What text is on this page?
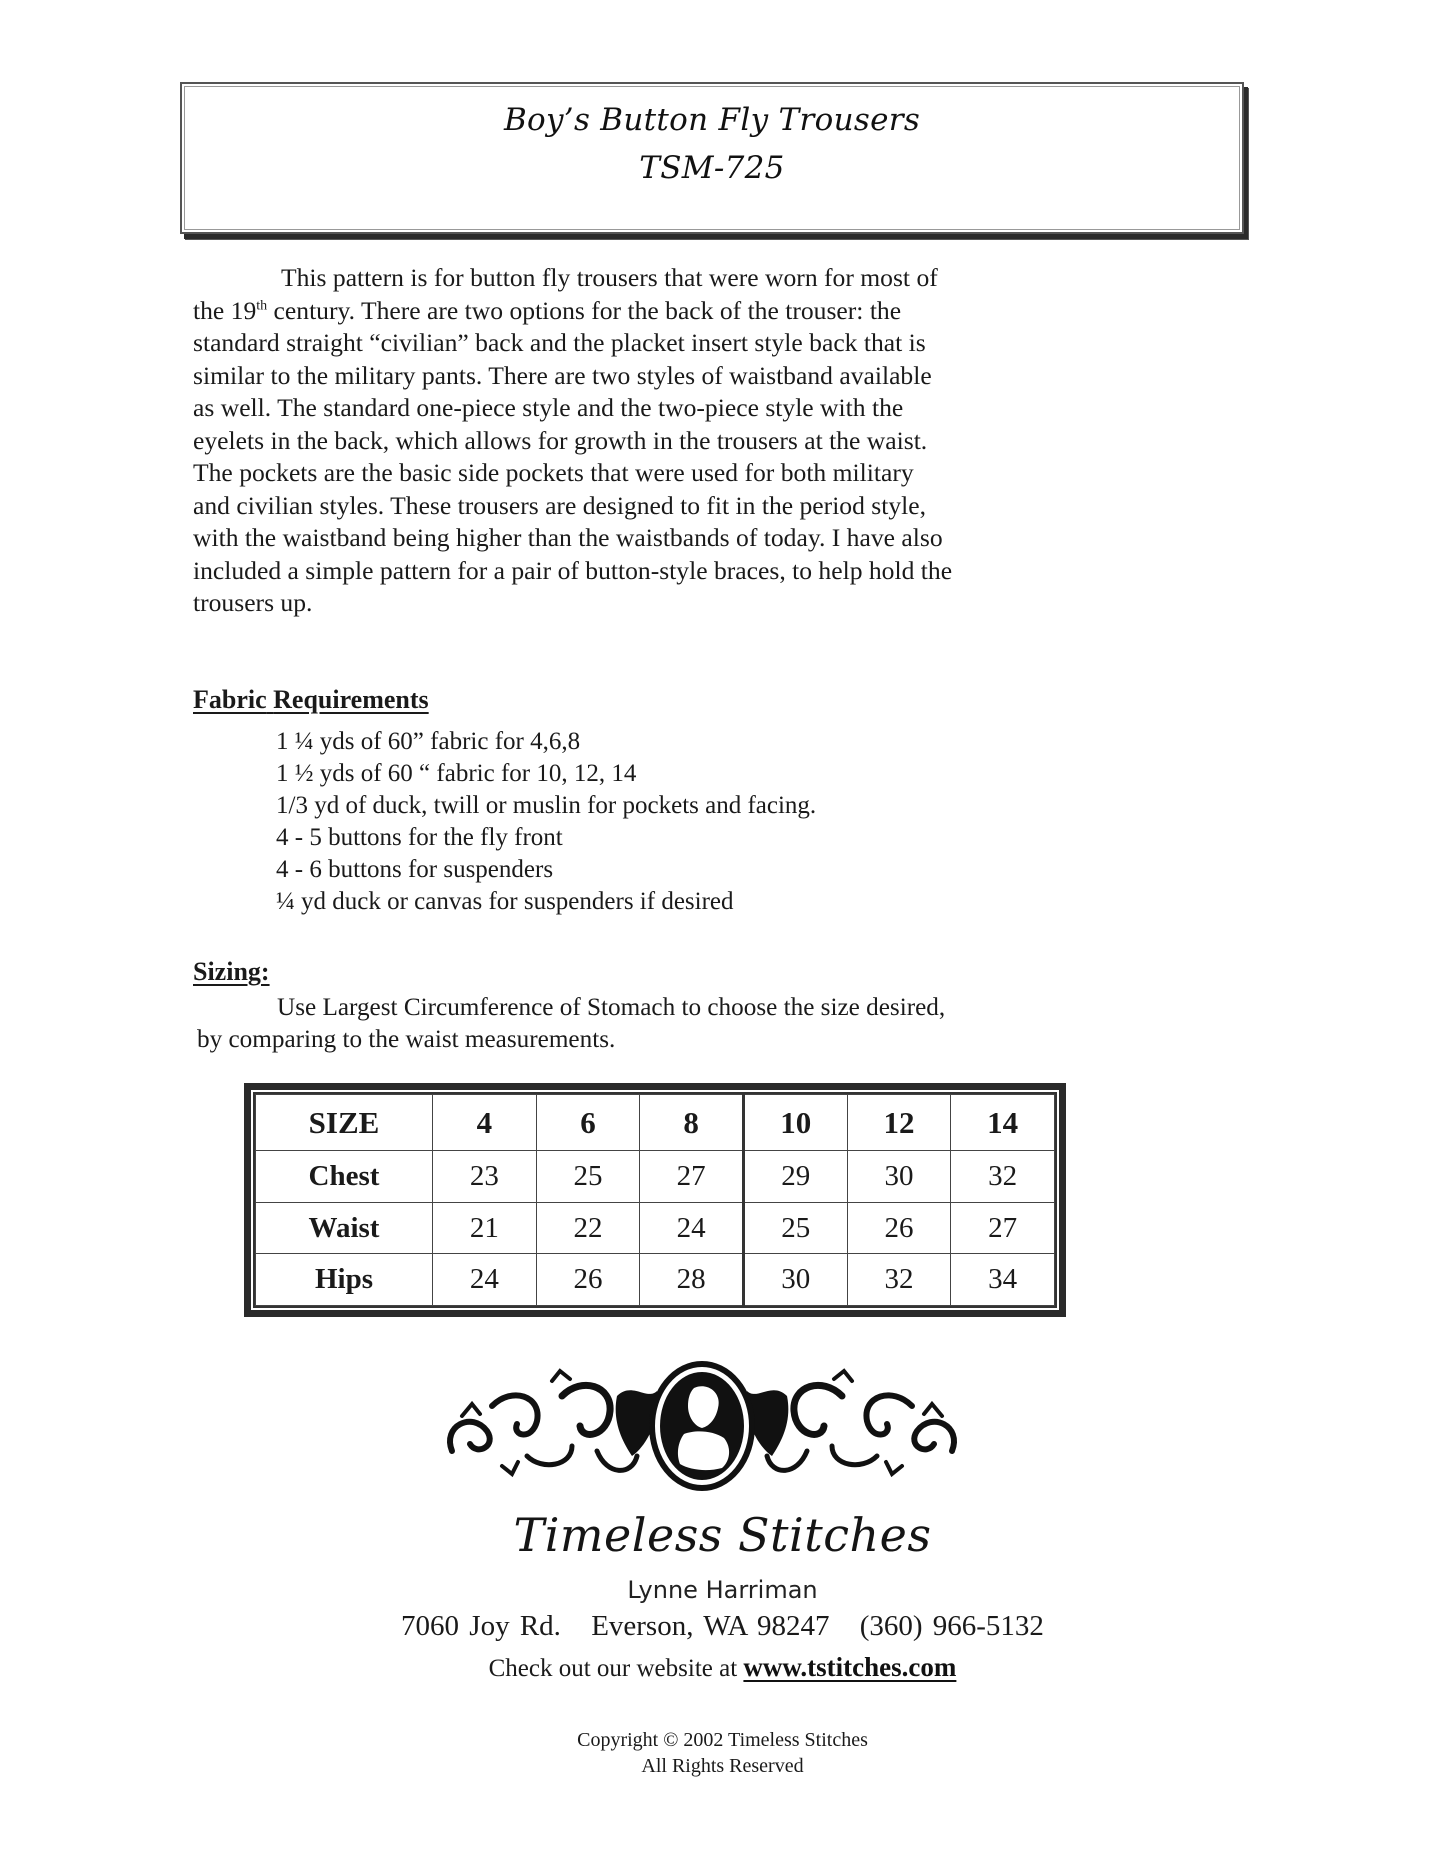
Boy’s Button Fly Trousers
TSM-725

This pattern is for button fly trousers that were worn for most of the 19th century. There are two options for the back of the trouser: the standard straight “civilian” back and the placket insert style back that is similar to the military pants. There are two styles of waistband available as well. The standard one-piece style and the two-piece style with the eyelets in the back, which allows for growth in the trousers at the waist. The pockets are the basic side pockets that were used for both military and civilian styles. These trousers are designed to fit in the period style, with the waistband being higher than the waistbands of today. I have also included a simple pattern for a pair of button-style braces, to help hold the trousers up.

Fabric Requirements
1 ¼ yds of 60” fabric for 4,6,8
1 ½ yds of 60 “ fabric for 10, 12, 14
1/3 yd of duck, twill or muslin for pockets and facing.
4 - 5 buttons for the fly front
4 - 6 buttons for suspenders
¼ yd duck or canvas for suspenders if desired
Sizing:
Use Largest Circumference of Stomach to choose the size desired,
by comparing to the waist measurements.
SIZE	4	6	8	10	12	14
Chest	23	25	27	29	30	32
Waist	21	22	24	25	26	27
Hips	24	26	28	30	32	34
Timeless Stitches
Lynne Harriman
7060 Joy Rd. Everson, WA 98247 (360) 966-5132
Check out our website at www.tstitches.com
Copyright © 2002 Timeless Stitches
All Rights Reserved
